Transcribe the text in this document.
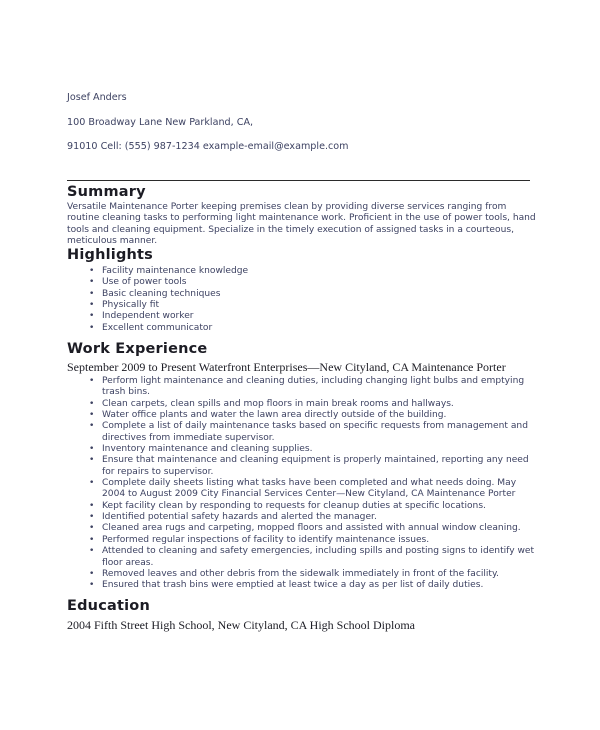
Josef Anders
100 Broadway Lane New Parkland, CA,
91010 Cell: (555) 987-1234 example-email@example.com
Summary
Versatile Maintenance Porter keeping premises clean by providing diverse services ranging from routine cleaning tasks to performing light maintenance work. Proficient in the use of power tools, hand tools and cleaning equipment. Specialize in the timely execution of assigned tasks in a courteous, meticulous manner.
Highlights
• Facility maintenance knowledge
• Use of power tools
• Basic cleaning techniques
• Physically fit
• Independent worker
• Excellent communicator
Work Experience
September 2009 to Present Waterfront Enterprises—New Cityland, CA Maintenance Porter
• Perform light maintenance and cleaning duties, including changing light bulbs and emptying trash bins.
• Clean carpets, clean spills and mop floors in main break rooms and hallways.
• Water office plants and water the lawn area directly outside of the building.
• Complete a list of daily maintenance tasks based on specific requests from management and directives from immediate supervisor.
• Inventory maintenance and cleaning supplies.
• Ensure that maintenance and cleaning equipment is properly maintained, reporting any need for repairs to supervisor.
• Complete daily sheets listing what tasks have been completed and what needs doing. May 2004 to August 2009 City Financial Services Center—New Cityland, CA Maintenance Porter
• Kept facility clean by responding to requests for cleanup duties at specific locations.
• Identified potential safety hazards and alerted the manager.
• Cleaned area rugs and carpeting, mopped floors and assisted with annual window cleaning.
• Performed regular inspections of facility to identify maintenance issues.
• Attended to cleaning and safety emergencies, including spills and posting signs to identify wet floor areas.
• Removed leaves and other debris from the sidewalk immediately in front of the facility.
• Ensured that trash bins were emptied at least twice a day as per list of daily duties.
Education
2004 Fifth Street High School, New Cityland, CA High School Diploma
